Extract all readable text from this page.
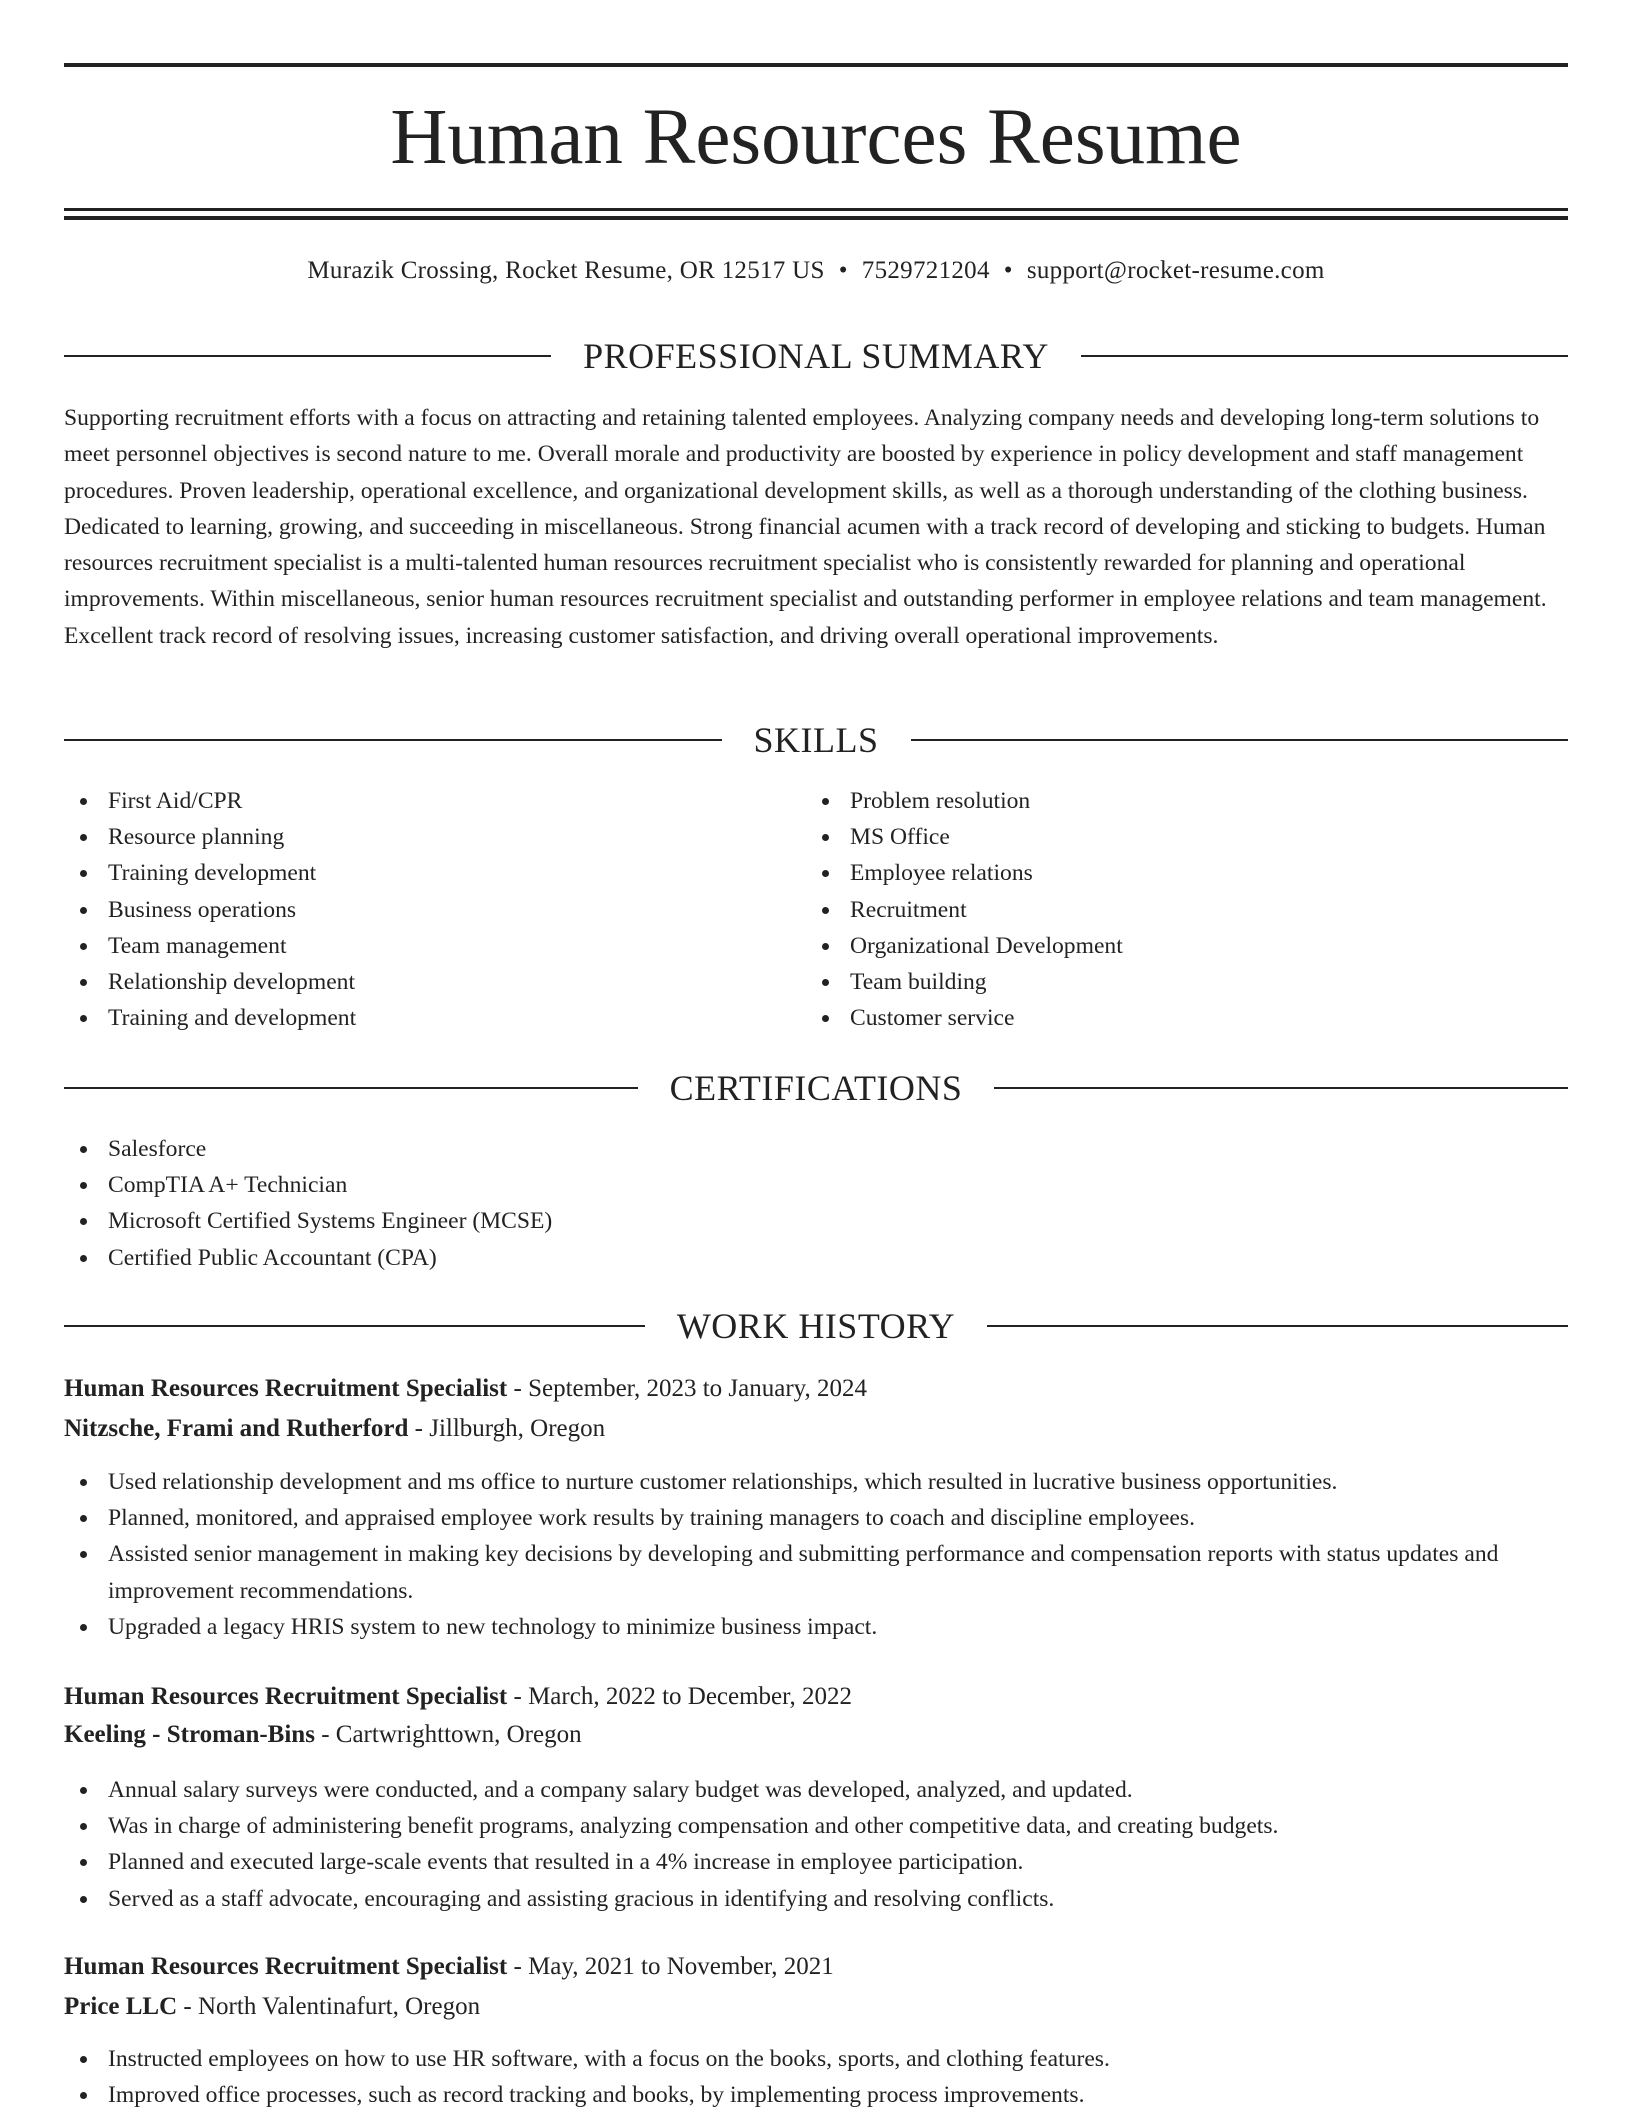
Human Resources Resume
Murazik Crossing, Rocket Resume, OR 12517 US • 7529721204 • support@rocket-resume.com
PROFESSIONAL SUMMARY

Supporting recruitment efforts with a focus on attracting and retaining talented employees. Analyzing company needs and developing long-term solutions to meet personnel objectives is second nature to me. Overall morale and productivity are boosted by experience in policy development and staff management procedures. Proven leadership, operational excellence, and organizational development skills, as well as a thorough understanding of the clothing business. Dedicated to learning, growing, and succeeding in miscellaneous. Strong financial acumen with a track record of developing and sticking to budgets. Human resources recruitment specialist is a multi-talented human resources recruitment specialist who is consistently rewarded for planning and operational improvements. Within miscellaneous, senior human resources recruitment specialist and outstanding performer in employee relations and team management. Excellent track record of resolving issues, increasing customer satisfaction, and driving overall operational improvements.

SKILLS
First Aid/CPR
Resource planning
Training development
Business operations
Team management
Relationship development
Training and development
Problem resolution
MS Office
Employee relations
Recruitment
Organizational Development
Team building
Customer service
CERTIFICATIONS
Salesforce
CompTIA A+ Technician
Microsoft Certified Systems Engineer (MCSE)
Certified Public Accountant (CPA)
WORK HISTORY
Human Resources Recruitment Specialist - September, 2023 to January, 2024
Nitzsche, Frami and Rutherford - Jillburgh, Oregon
Used relationship development and ms office to nurture customer relationships, which resulted in lucrative business opportunities.
Planned, monitored, and appraised employee work results by training managers to coach and discipline employees.
Assisted senior management in making key decisions by developing and submitting performance and compensation reports with status updates and improvement recommendations.
Upgraded a legacy HRIS system to new technology to minimize business impact.
Human Resources Recruitment Specialist - March, 2022 to December, 2022
Keeling - Stroman-Bins - Cartwrighttown, Oregon
Annual salary surveys were conducted, and a company salary budget was developed, analyzed, and updated.
Was in charge of administering benefit programs, analyzing compensation and other competitive data, and creating budgets.
Planned and executed large-scale events that resulted in a 4% increase in employee participation.
Served as a staff advocate, encouraging and assisting gracious in identifying and resolving conflicts.
Human Resources Recruitment Specialist - May, 2021 to November, 2021
Price LLC - North Valentinafurt, Oregon
Instructed employees on how to use HR software, with a focus on the books, sports, and clothing features.
Improved office processes, such as record tracking and books, by implementing process improvements.
